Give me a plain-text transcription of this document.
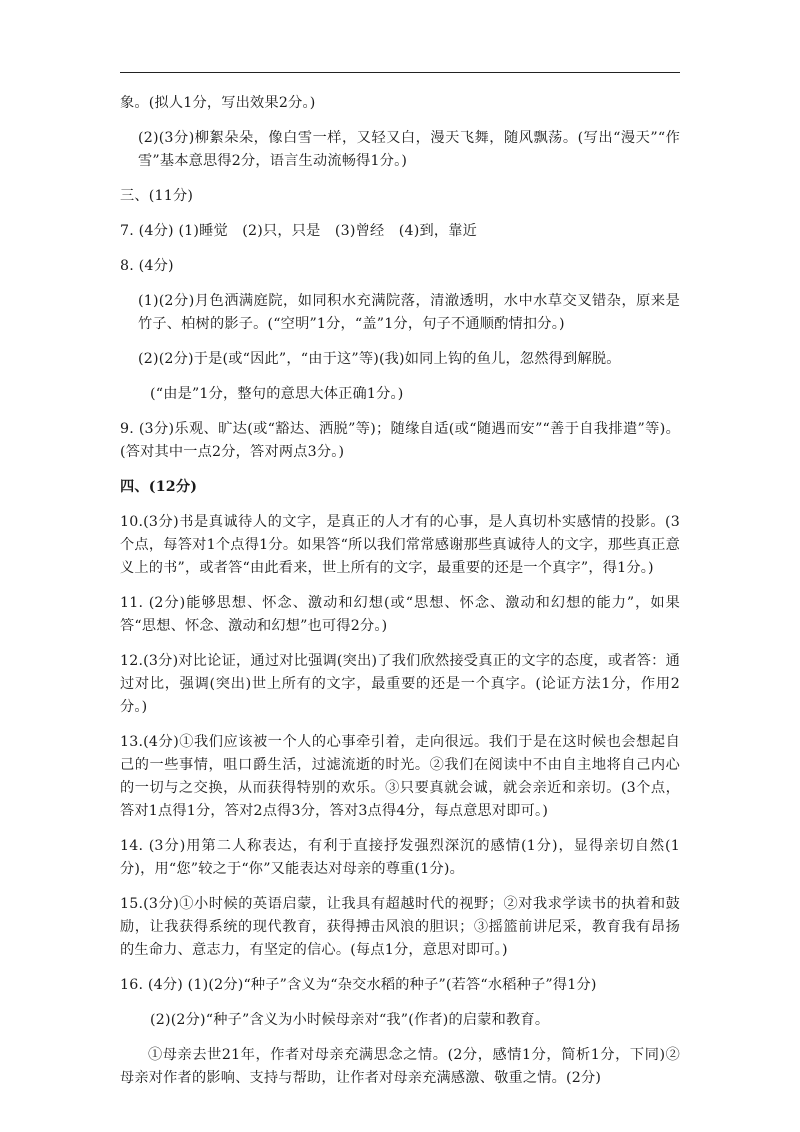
象。(拟人1分，写出效果2分。)

(2)(3分)柳絮朵朵，像白雪一样，又轻又白，漫天飞舞，随风飘荡。(写出“漫天”“作雪”基本意思得2分，语言生动流畅得1分。)

三、(11分)

7. (4分) (1)睡觉　(2)只，只是　(3)曾经　(4)到，靠近

8. (4分)

(1)(2分)月色洒满庭院，如同积水充满院落，清澈透明，水中水草交叉错杂，原来是竹子、柏树的影子。(“空明”1分，“盖”1分，句子不通顺酌情扣分。)

(2)(2分)于是(或“因此”，“由于这”等)(我)如同上钩的鱼儿，忽然得到解脱。

(“由是”1分，整句的意思大体正确1分。)

9. (3分)乐观、旷达(或“豁达、洒脱”等)；随缘自适(或“随遇而安”“善于自我排遣”等)。(答对其中一点2分，答对两点3分。)

四、(12分)

10.(3分)书是真诚待人的文字，是真正的人才有的心事，是人真切朴实感情的投影。(3个点，每答对1个点得1分。如果答“所以我们常常感谢那些真诚待人的文字，那些真正意义上的书”，或者答“由此看来，世上所有的文字，最重要的还是一个真字”，得1分。)

11. (2分)能够思想、怀念、激动和幻想(或“思想、怀念、激动和幻想的能力”，如果答“思想、怀念、激动和幻想”也可得2分。)

12.(3分)对比论证，通过对比强调(突出)了我们欣然接受真正的文字的态度，或者答：通过对比，强调(突出)世上所有的文字，最重要的还是一个真字。(论证方法1分，作用2分。)

13.(4分)①我们应该被一个人的心事牵引着，走向很远。我们于是在这时候也会想起自己的一些事情，咀口爵生活，过滤流逝的时光。②我们在阅读中不由自主地将自己内心的一切与之交换，从而获得特别的欢乐。③只要真就会诚，就会亲近和亲切。(3个点，答对1点得1分，答对2点得3分，答对3点得4分，每点意思对即可。)

14. (3分)用第二人称表达，有利于直接抒发强烈深沉的感情(1分)，显得亲切自然(1分)，用“您”较之于“你”又能表达对母亲的尊重(1分)。

15.(3分)①小时候的英语启蒙，让我具有超越时代的视野；②对我求学读书的执着和鼓励，让我获得系统的现代教育，获得搏击风浪的胆识；③摇篮前讲尼采，教育我有昂扬的生命力、意志力，有坚定的信心。(每点1分，意思对即可。)

16. (4分) (1)(2分)“种子”含义为“杂交水稻的种子”(若答“水稻种子”得1分)

(2)(2分)“种子”含义为小时候母亲对“我”(作者)的启蒙和教育。

①母亲去世21年，作者对母亲充满思念之情。(2分，感情1分，简析1分，下同)②母亲对作者的影响、支持与帮助，让作者对母亲充满感激、敬重之情。(2分)
